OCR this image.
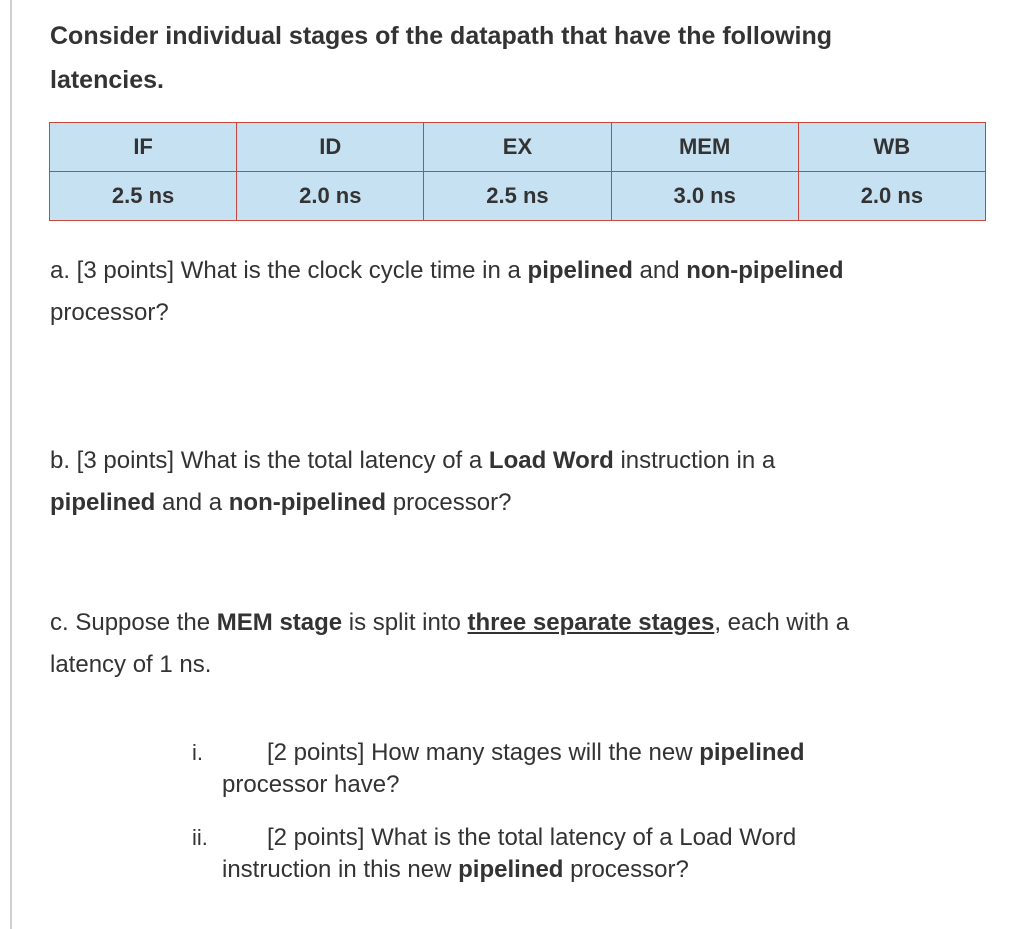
Consider individual stages of the datapath that have the following
latencies.

IF	ID	EX	MEM	WB
2.5 ns	2.0 ns	2.5 ns	3.0 ns	2.0 ns

a. [3 points] What is the clock cycle time in a pipelined and non-pipelined
processor?

b. [3 points] What is the total latency of a Load Word instruction in a
pipelined and a non-pipelined processor?

c. Suppose the MEM stage is split into three separate stages, each with a
latency of 1 ns.

i.	[2 points] How many stages will the new pipelined
processor have?

ii. [2 points] What is the total latency of a Load Word
instruction in this new pipelined processor?
